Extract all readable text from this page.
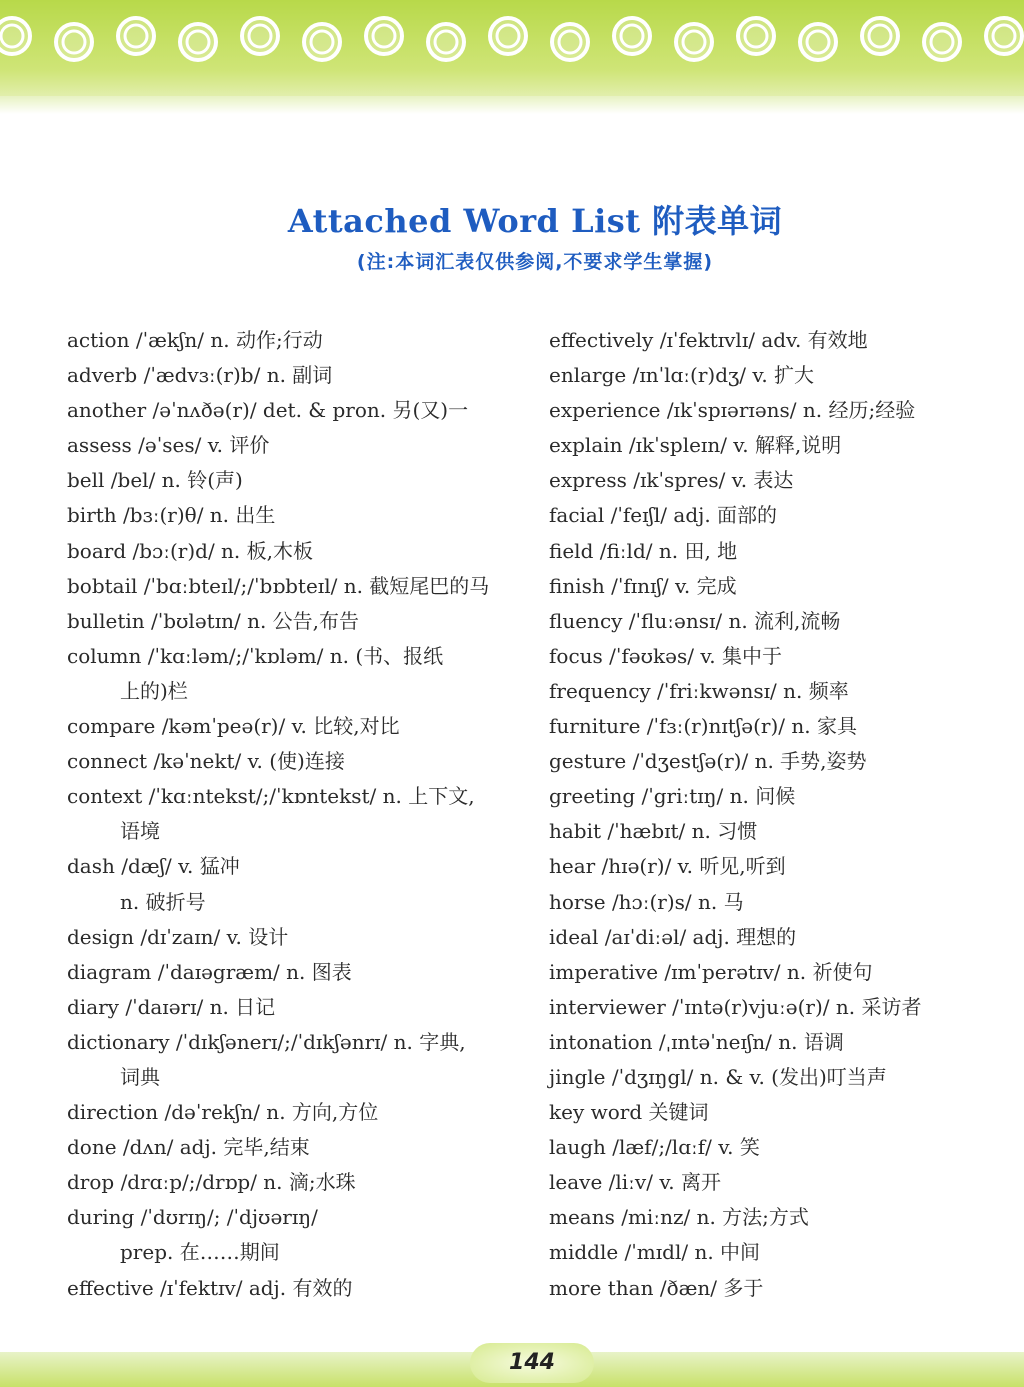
Attached Word List 附表单词
(注:本词汇表仅供参阅,不要求学生掌握)
action /ˈækʃn/ n. 动作;行动
adverb /ˈædvɜː(r)b/ n. 副词
another /əˈnʌðə(r)/ det. & pron. 另(又)一
assess /əˈses/ v. 评价
bell /bel/ n. 铃(声)
birth /bɜː(r)θ/ n. 出生
board /bɔː(r)d/ n. 板,木板
bobtail /ˈbɑːbteɪl/;/ˈbɒbteɪl/ n. 截短尾巴的马
bulletin /ˈbʊlətɪn/ n. 公告,布告
column /ˈkɑːləm/;/ˈkɒləm/ n. (书、报纸
上的)栏
compare /kəmˈpeə(r)/ v. 比较,对比
connect /kəˈnekt/ v. (使)连接
context /ˈkɑːntekst/;/ˈkɒntekst/ n. 上下文,
语境
dash /dæʃ/ v. 猛冲
n. 破折号
design /dɪˈzaɪn/ v. 设计
diagram /ˈdaɪəgræm/ n. 图表
diary /ˈdaɪərɪ/ n. 日记
dictionary /ˈdɪkʃənerɪ/;/ˈdɪkʃənrɪ/ n. 字典,
词典
direction /dəˈrekʃn/ n. 方向,方位
done /dʌn/ adj. 完毕,结束
drop /drɑːp/;/drɒp/ n. 滴;水珠
during /ˈdʊrɪŋ/; /ˈdjʊərɪŋ/
prep. 在……期间
effective /ɪˈfektɪv/ adj. 有效的
effectively /ɪˈfektɪvlɪ/ adv. 有效地
enlarge /ɪnˈlɑː(r)dʒ/ v. 扩大
experience /ɪkˈspɪərɪəns/ n. 经历;经验
explain /ɪkˈspleɪn/ v. 解释,说明
express /ɪkˈspres/ v. 表达
facial /ˈfeɪʃl/ adj. 面部的
field /fiːld/ n. 田, 地
finish /ˈfɪnɪʃ/ v. 完成
fluency /ˈfluːənsɪ/ n. 流利,流畅
focus /ˈfəʊkəs/ v. 集中于
frequency /ˈfriːkwənsɪ/ n. 频率
furniture /ˈfɜː(r)nɪtʃə(r)/ n. 家具
gesture /ˈdʒestʃə(r)/ n. 手势,姿势
greeting /ˈgriːtɪŋ/ n. 问候
habit /ˈhæbɪt/ n. 习惯
hear /hɪə(r)/ v. 听见,听到
horse /hɔː(r)s/ n. 马
ideal /aɪˈdiːəl/ adj. 理想的
imperative /ɪmˈperətɪv/ n. 祈使句
interviewer /ˈɪntə(r)vjuːə(r)/ n. 采访者
intonation /ˌɪntəˈneɪʃn/ n. 语调
jingle /ˈdʒɪŋgl/ n. & v. (发出)叮当声
key word 关键词
laugh /læf/;/lɑːf/ v. 笑
leave /liːv/ v. 离开
means /miːnz/ n. 方法;方式
middle /ˈmɪdl/ n. 中间
more than /ðæn/ 多于
144
